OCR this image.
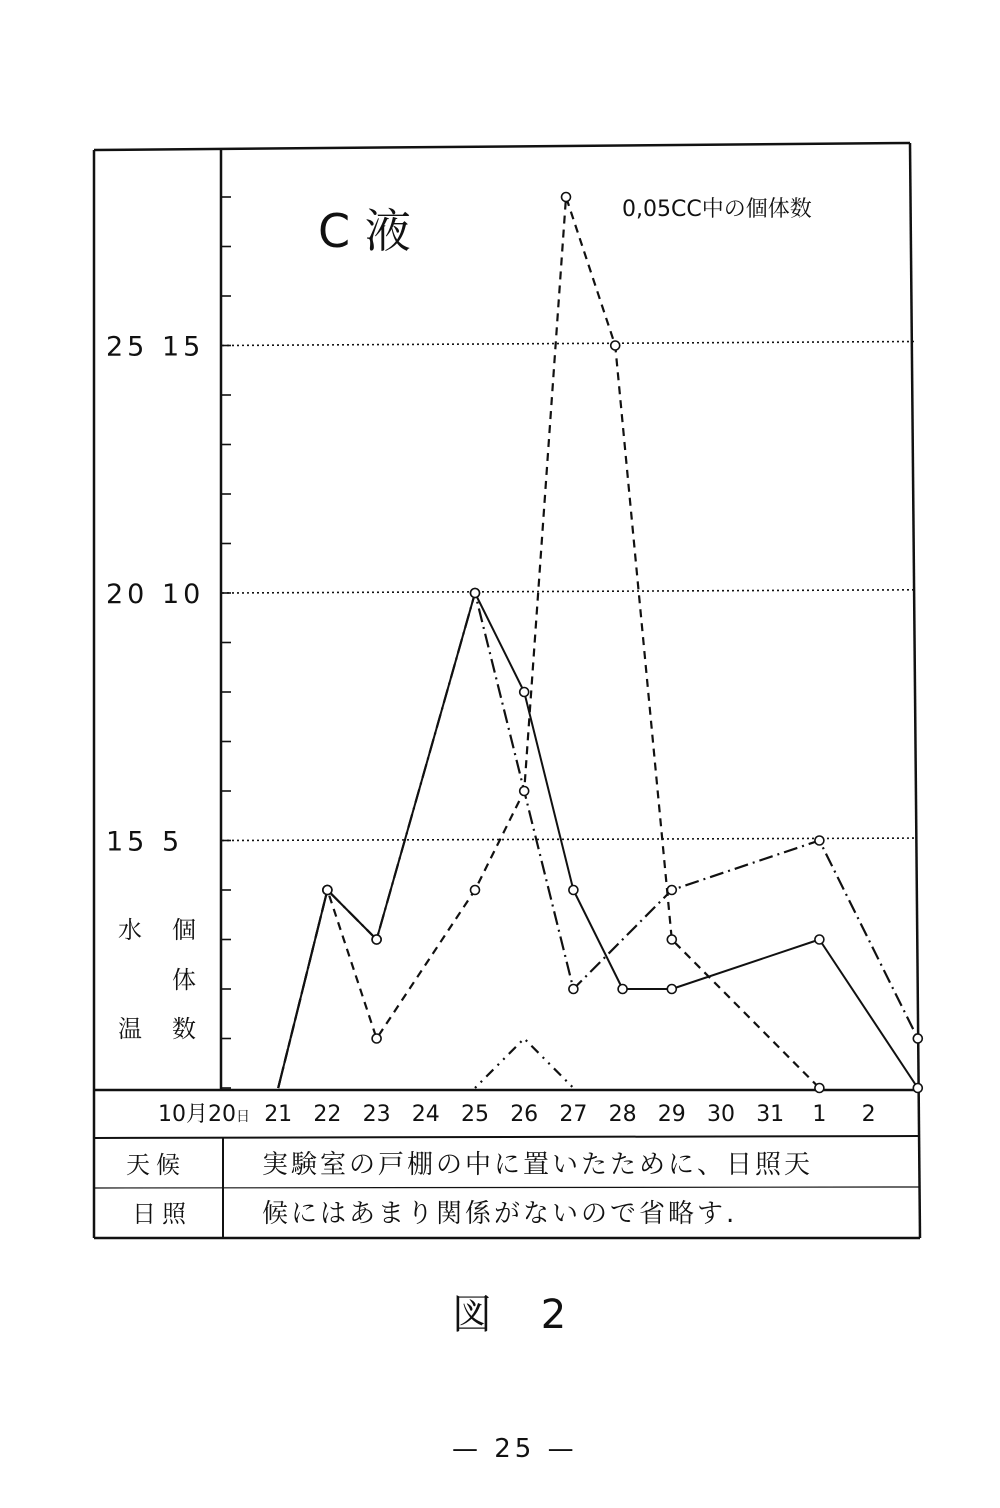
25 15
20 10
15 5
10月20日 21 22 23 24 25 26 27 28 29 30 31 1 2
C 液	0,05CC中の個体数
水
温
個
体
数
天候
日照
実験室の戸棚の中に置いたために、日照天
候にはあまり関係がないので省略す.
図 2
— 25 —
